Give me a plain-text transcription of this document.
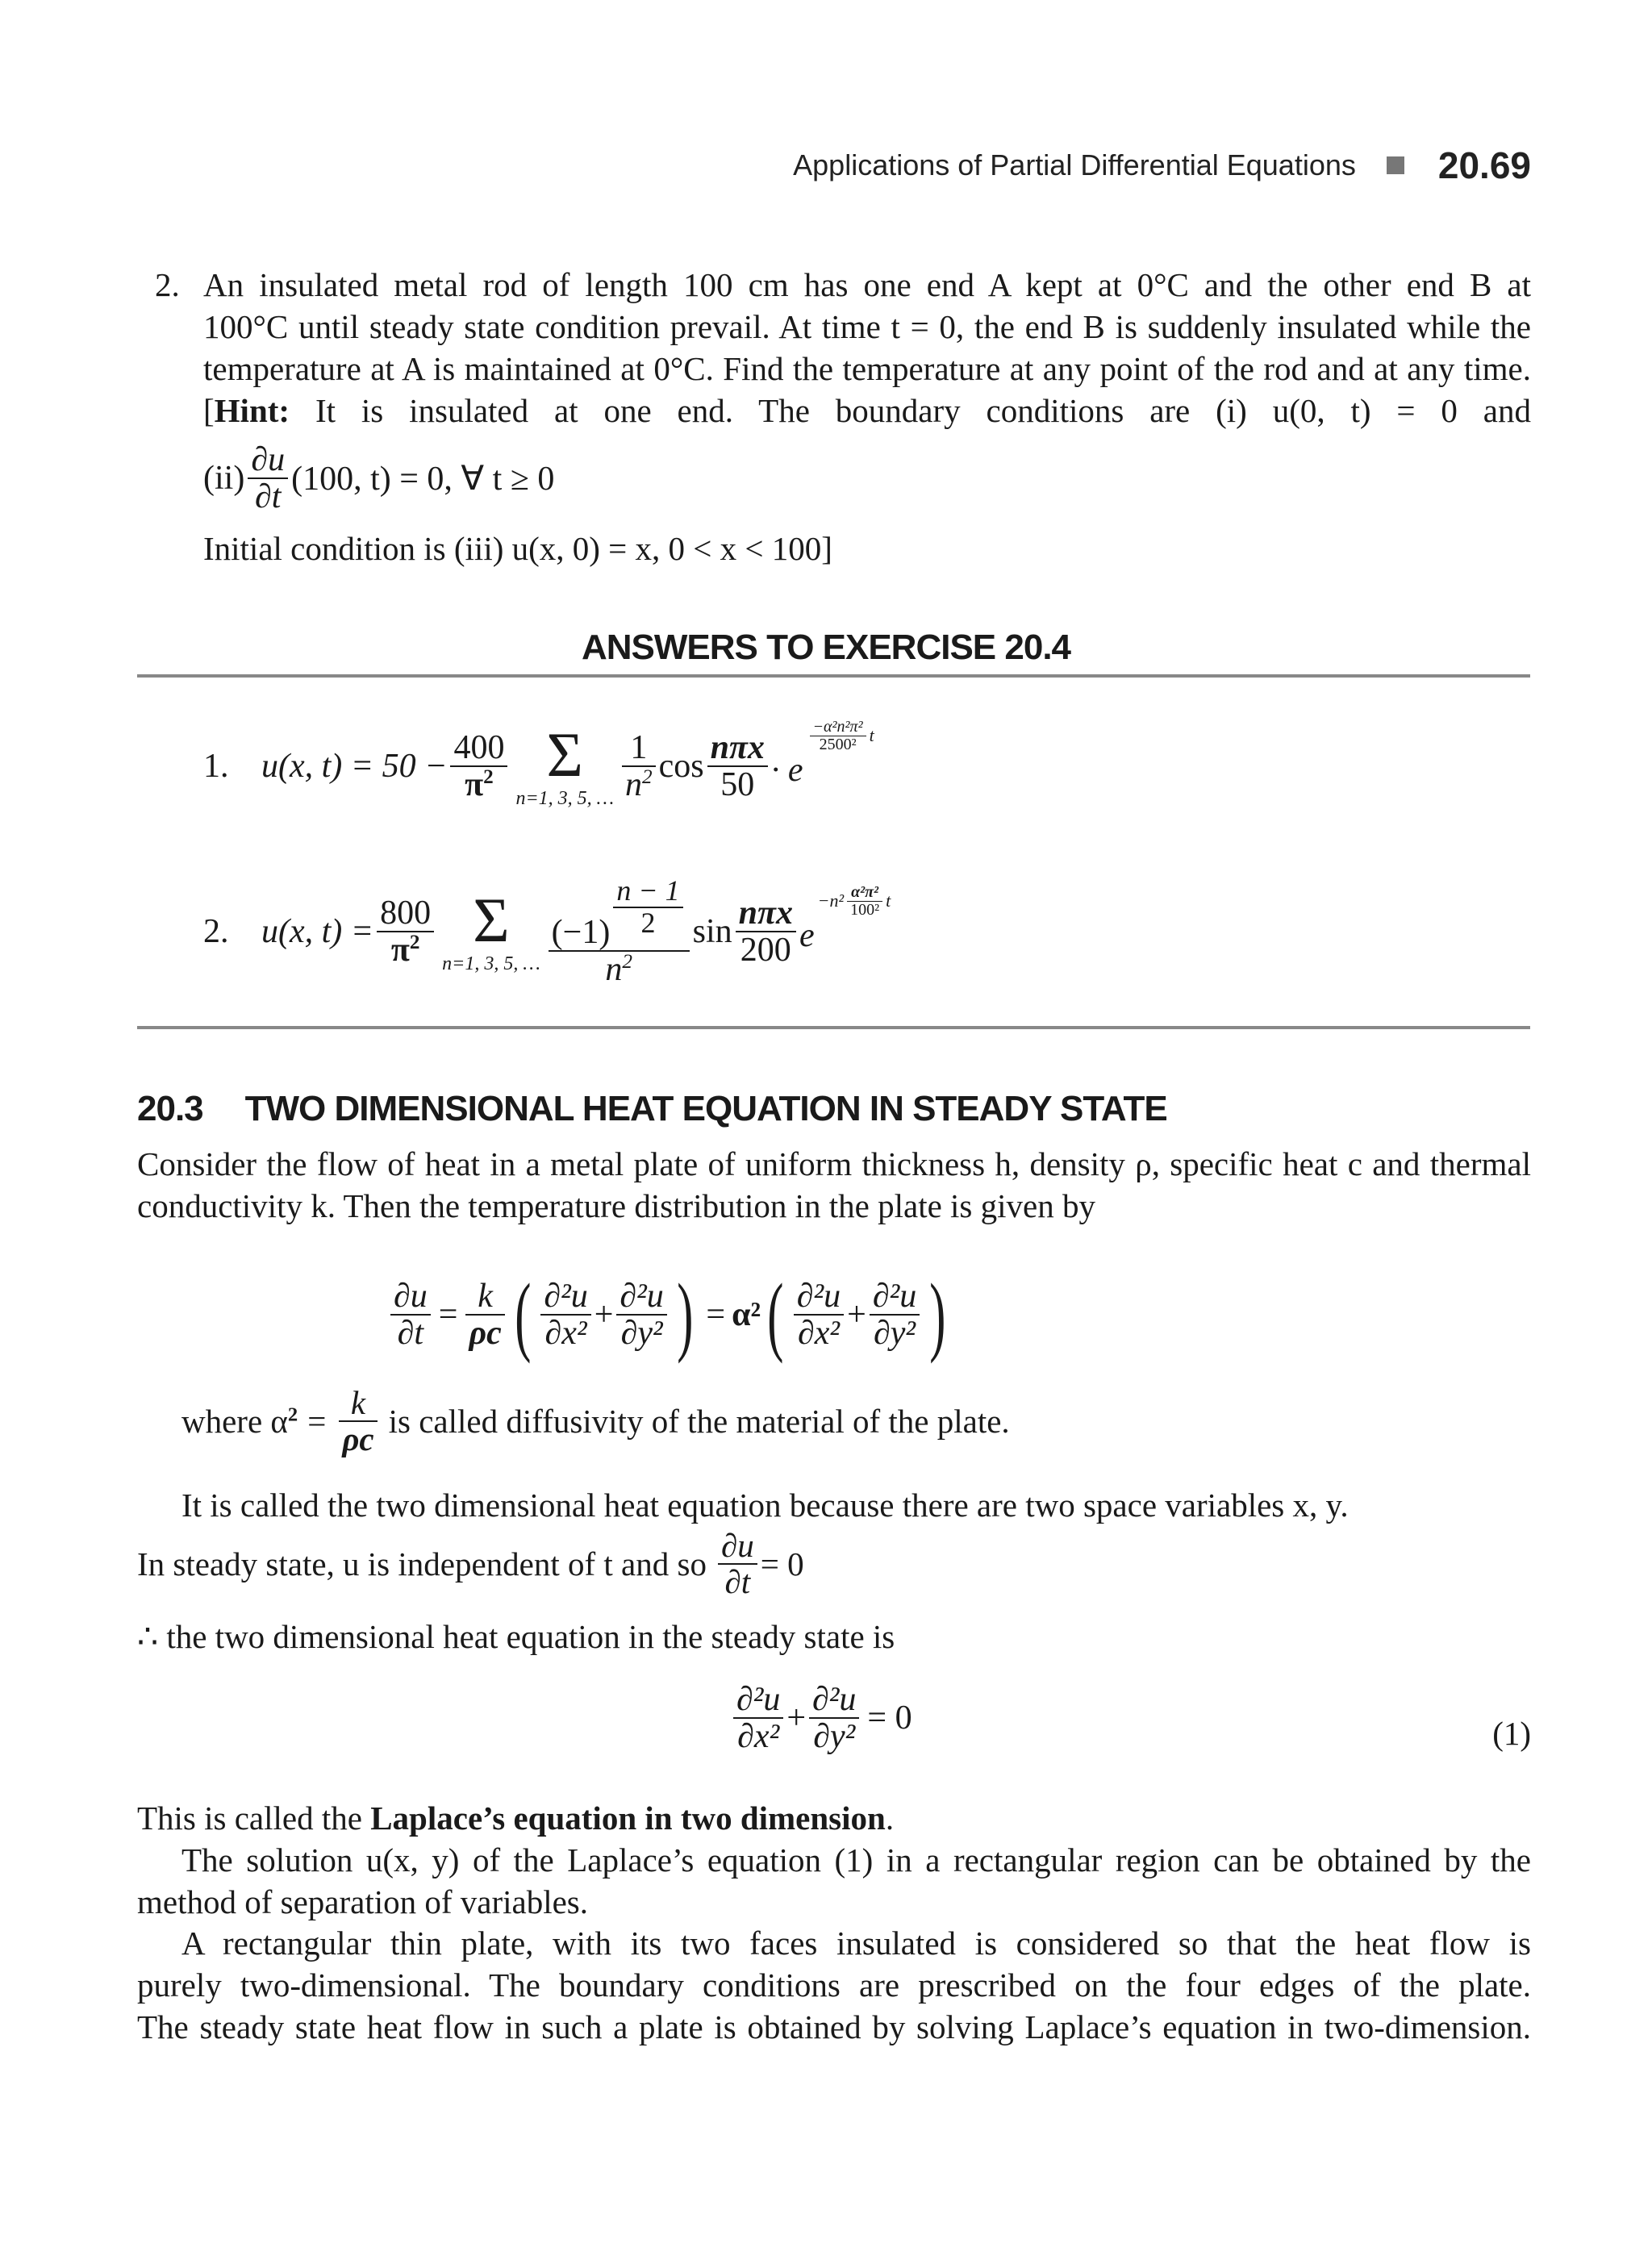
Applications of Partial Differential Equations 20.69
2. An insulated metal rod of length 100 cm has one end A kept at 0°C and the other end B at
100°C until steady state condition prevail. At time t = 0, the end B is suddenly insulated while the
temperature at A is maintained at 0°C. Find the temperature at any point of the rod and at any time.
[Hint: It is insulated at one end. The boundary conditions are (i) u(0, t) = 0 and
$(ii) \frac{\partial u}{\partial t} (100$, t) = 0, ∀ t ≥ 0
Initial condition is (iii) u(x, 0) = x, 0 < x < 100]
ANSWERS TO EXERCISE 20.4
1. u(x, $t) = 50 - \frac{400}{\pi^2}$ Σ
n=1, 3, 5, … $\frac{1}{n^2}$ $\cos \frac{\text{nπx}}{50} \cdot e$
$\frac{\text{−α²n²π²}}{\text{2500²}}$ t
2. u(x, $t) = \frac{800}{\pi^2}$ Σ
n=1, 3, 5, … $\frac{(-1) \frac{n - 1}{2}}{n^2}$ $\sin \frac{\text{nπx}}{200}$ e
$-n^2 \frac{\text{α²π²}}{\text{100²}}$ t
20.3 TWO DIMENSIONAL HEAT EQUATION IN STEADY STATE
Consider the flow of heat in a metal plate of uniform thickness h, density ρ, specific heat c and thermal
conductivity k. Then the temperature distribution in the plate is given by
$\frac{\partial u}{\partial t} = \frac{k}{\rho c}$ ( $\frac{\text{∂²u}}{\text{∂x²}} + \frac{\text{∂²u}}{\text{∂y²}}$ ) = α² ( $\frac{\text{∂²u}}{\text{∂x²}} + \frac{\text{∂²u}}{\text{∂y²}}$ )
where $\alpha^2 = \frac{k}{\rho c}$ is called diffusivity of the material of the plate.
It is called the two dimensional heat equation because there are two space variables x, y.
In steady state, u is independent of t and so $\frac{\partial u}{\partial t} = 0$
∴ the two dimensional heat equation in the steady state is
$\frac{\text{∂²u}}{\text{∂x²}} + \frac{\text{∂²u}}{\text{∂y²}} = 0$	(1)
This is called the Laplace’s equation in two dimension.
The solution u(x, y) of the Laplace’s equation (1) in a rectangular region can be obtained by the
method of separation of variables.
A rectangular thin plate, with its two faces insulated is considered so that the heat flow is
purely two-dimensional. The boundary conditions are prescribed on the four edges of the plate.
The steady state heat flow in such a plate is obtained by solving Laplace’s equation in two-dimension.
